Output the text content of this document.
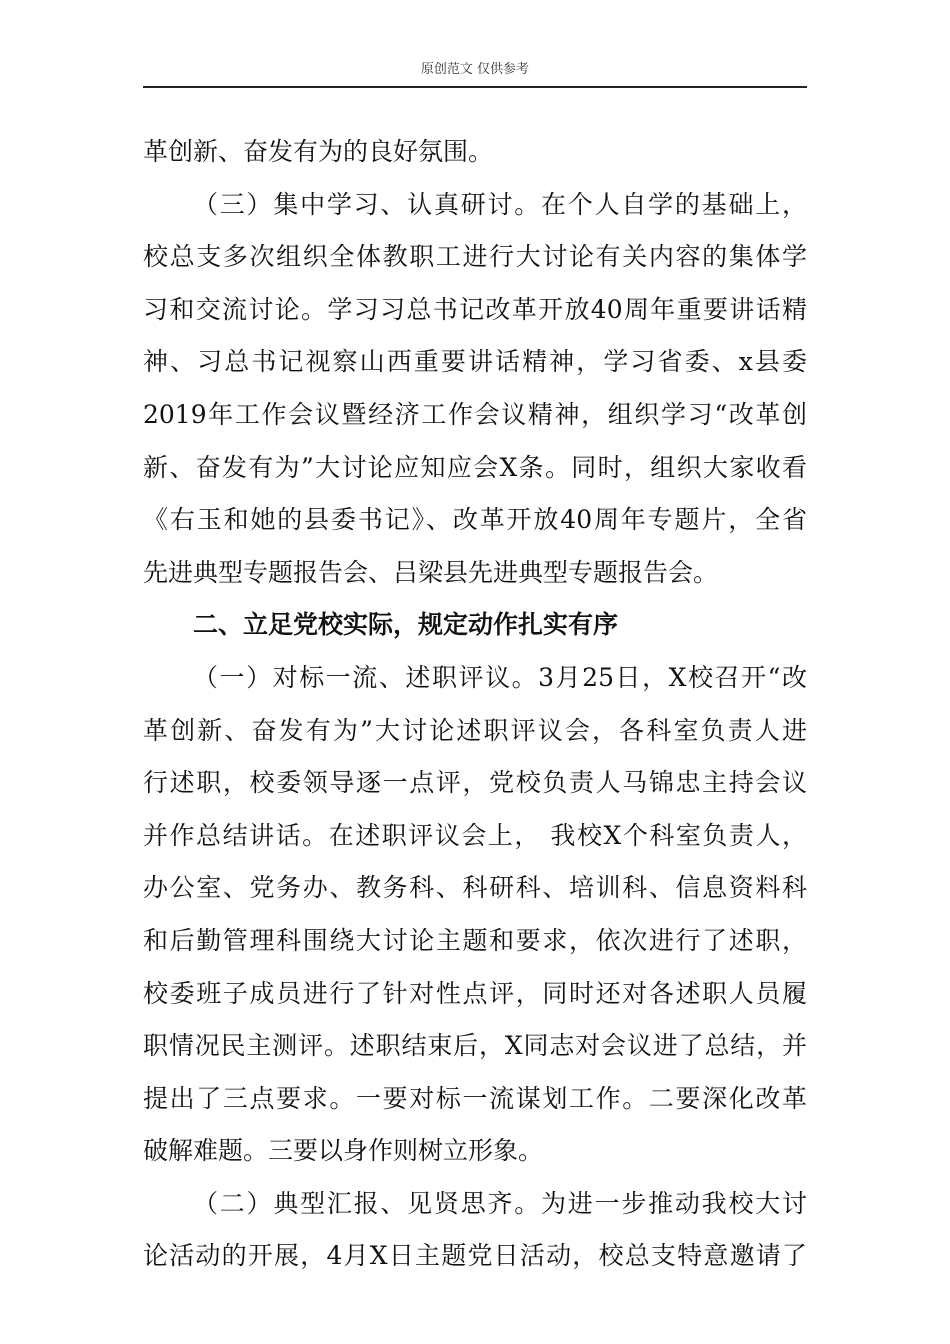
原创范文 仅供参考
革创新、奋发有为的良好氛围。
（三）集中学习、认真研讨。在个人自学的基础上，
校总支多次组织全体教职工进行大讨论有关内容的集体学
习和交流讨论。学习习总书记改革开放40周年重要讲话精
神、习总书记视察山西重要讲话精神，学习省委、x县委
2019年工作会议暨经济工作会议精神，组织学习“改革创
新、奋发有为”大讨论应知应会X条。同时，组织大家收看
《右玉和她的县委书记》、改革开放40周年专题片，全省
先进典型专题报告会、吕梁县先进典型专题报告会。
二、立足党校实际，规定动作扎实有序
（一）对标一流、述职评议。3月25日，X校召开“改
革创新、奋发有为”大讨论述职评议会，各科室负责人进
行述职，校委领导逐一点评，党校负责人马锦忠主持会议
并作总结讲话。在述职评议会上， 我校X个科室负责人，
办公室、党务办、教务科、科研科、培训科、信息资料科
和后勤管理科围绕大讨论主题和要求，依次进行了述职，
校委班子成员进行了针对性点评，同时还对各述职人员履
职情况民主测评。述职结束后，X同志对会议进了总结，并
提出了三点要求。一要对标一流谋划工作。二要深化改革
破解难题。三要以身作则树立形象。
（二）典型汇报、见贤思齐。为进一步推动我校大讨
论活动的开展，4月X日主题党日活动，校总支特意邀请了
